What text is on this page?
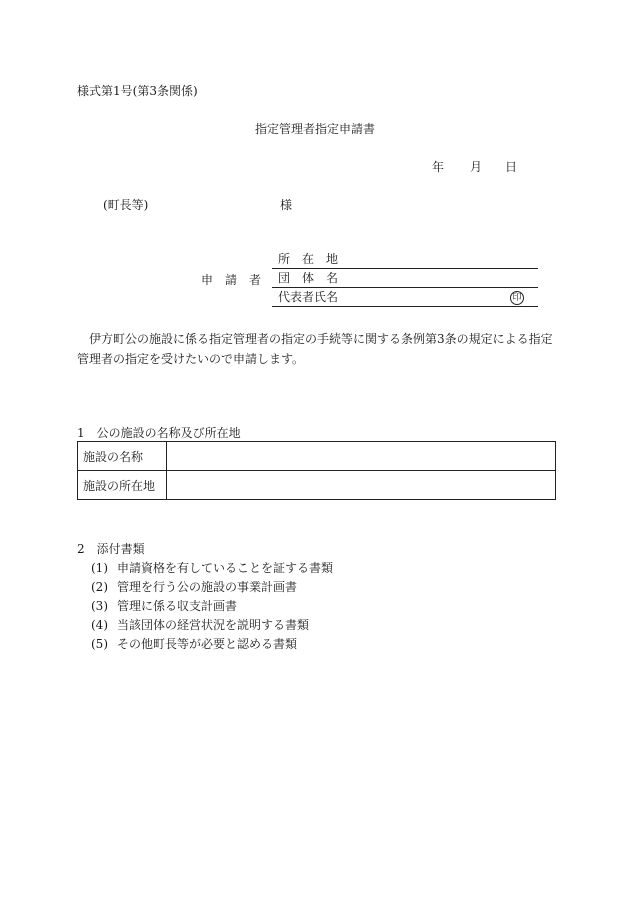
様式第1号(第3条関係)
指定管理者指定申請書
年 月 日
(町長等)	様
申 請 者
所　在　地
団　体　名
代表者氏名	印
伊方町公の施設に係る指定管理者の指定の手続等に関する条例第3条の規定による指定管理者の指定を受けたいので申請します。
1　公の施設の名称及び所在地
施設の名称	
施設の所在地	
2　添付書類
(1) 申請資格を有していることを証する書類
(2) 管理を行う公の施設の事業計画書
(3) 管理に係る収支計画書
(4) 当該団体の経営状況を説明する書類
(5) その他町長等が必要と認める書類
